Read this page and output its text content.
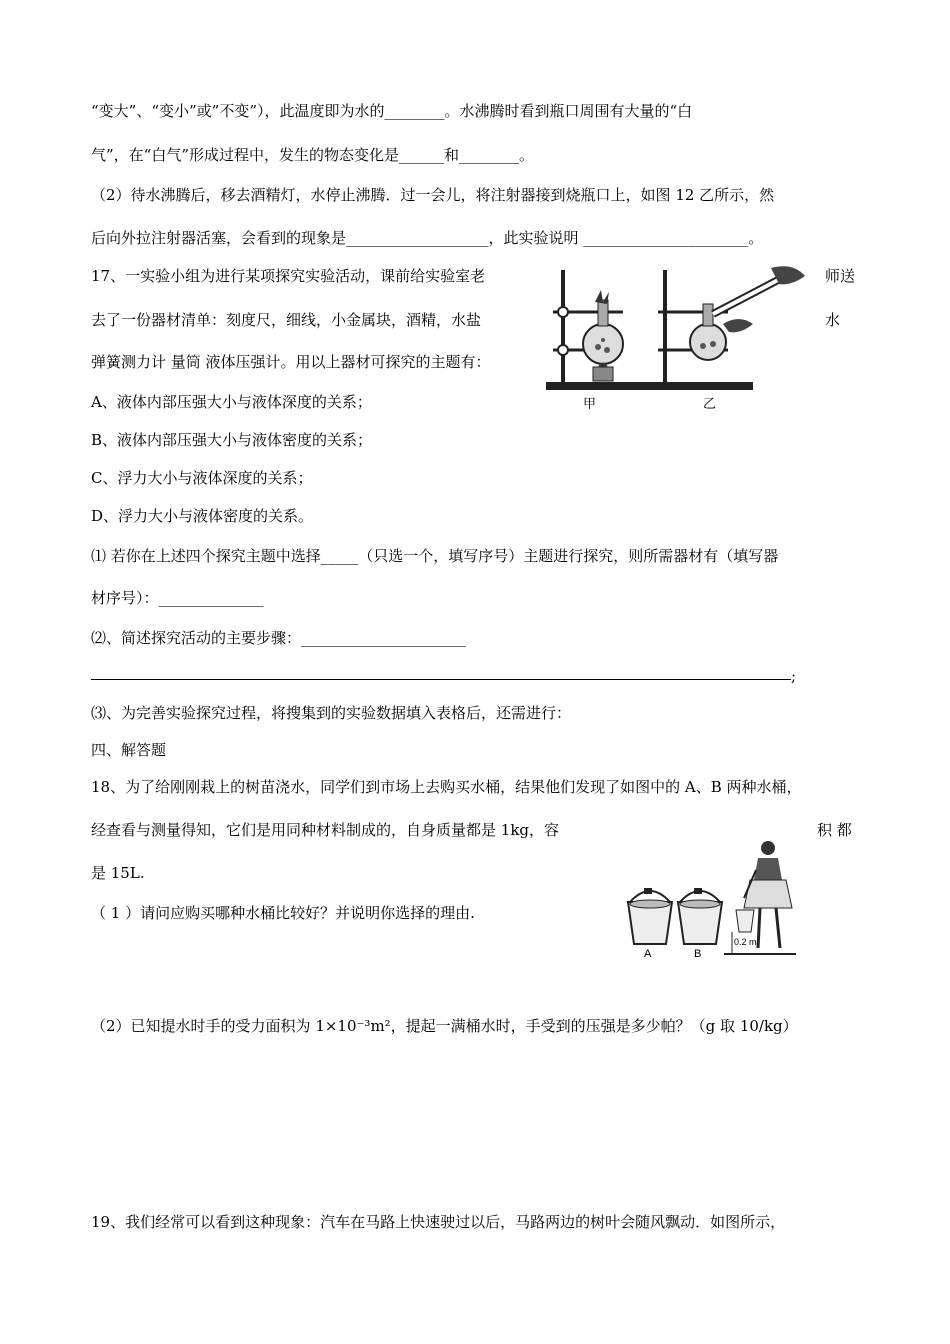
“变大”、“变小”或”不变”），此温度即为水的________。水沸腾时看到瓶口周围有大量的“白
气”，在“白气”形成过程中，发生的物态变化是______和________。
（2）待水沸腾后，移去酒精灯，水停止沸腾．过一会儿，将注射器接到烧瓶口上，如图 12 乙所示，然
后向外拉注射器活塞，会看到的现象是___________________，此实验说明 ______________________。
17、一实验小组为进行某项探究实验活动，课前给实验室老	师送
去了一份器材清单：刻度尺，细线，小金属块，酒精，水盐	水
弹簧测力计 量筒 液体压强计。用以上器材可探究的主题有：
A、液体内部压强大小与液体深度的关系；
B、液体内部压强大小与液体密度的关系；
C、浮力大小与液体深度的关系；
D、浮力大小与液体密度的关系。
⑴ 若你在上述四个探究主题中选择_____（只选一个，填写序号）主题进行探究，则所需器材有（填写器
材序号）：______________
⑵、简述探究活动的主要步骤：______________________
;
⑶、为完善实验探究过程，将搜集到的实验数据填入表格后，还需进行：
甲	乙
四、解答题
18、为了给刚刚栽上的树苗浇水，同学们到市场上去购买水桶，结果他们发现了如图中的 A、B 两种水桶，
经查看与测量得知，它们是用同种材料制成的，自身质量都是 1kg，容	积 都
是 15L.
（ 1 ）请问应购买哪种水桶比较好？并说明你选择的理由.
A	B
0.2 m
（2）已知提水时手的受力面积为 1×10⁻³m²，提起一满桶水时，手受到的压强是多少帕？（g 取 10/kg）
19、我们经常可以看到这种现象：汽车在马路上快速驶过以后，马路两边的树叶会随风飘动．如图所示，
